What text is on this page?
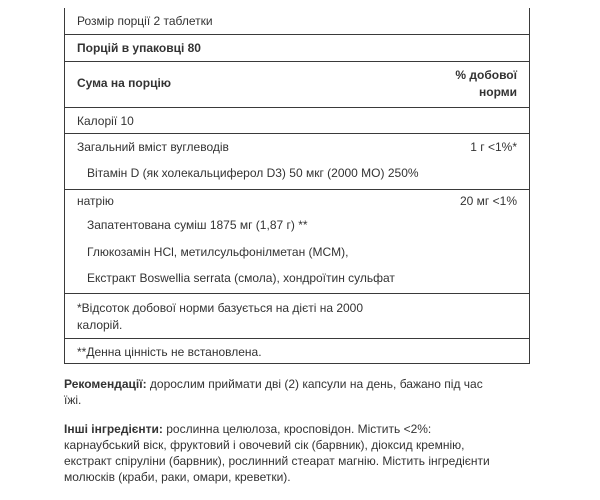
Розмір порції 2 таблетки
Порцій в упаковці 80
Сума на порцію
% добової
норми
Калорії 10
Загальний вміст вуглеводів	1 г <1%*
Вітамін D (як холекальциферол D3) 50 мкг (2000 МО) 250%
натрію	20 мг <1%
Запатентована суміш 1875 мг (1,87 г) **
Глюкозамін HCl, метилсульфонілметан (МСМ),
Екстракт Boswellia serrata (смола), хондроїтин сульфат
*Відсоток добової норми базується на дієті на 2000
калорій.
**Денна цінність не встановлена.
Рекомендації: дорослим приймати дві (2) капсули на день, бажано під час
їжі.
Інші інгредієнти: рослинна целюлоза, кросповідон. Містить <2%:
карнаубський віск, фруктовий і овочевий сік (барвник), діоксид кремнію,
екстракт спіруліни (барвник), рослинний стеарат магнію. Містить інгредієнти
молюсків (краби, раки, омари, креветки).
